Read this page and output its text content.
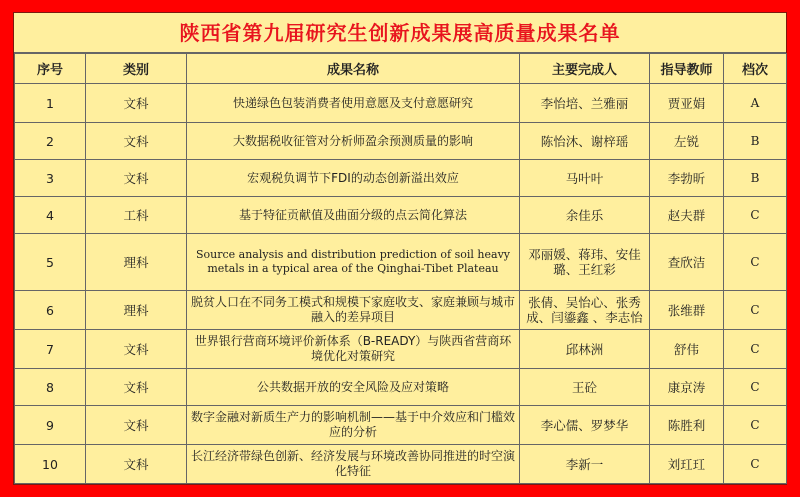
陕西省第九届研究生创新成果展高质量成果名单
序号	类别	成果名称	主要完成人	指导教师	档次
1	文科	快递绿色包装消费者使用意愿及支付意愿研究	李怡培、兰雅丽	贾亚娟	A
2	文科	大数据税收征管对分析师盈余预测质量的影响	陈怡沐、谢梓瑶	左锐	B
3	文科	宏观税负调节下FDI的动态创新溢出效应	马叶叶	李勃昕	B
4	工科	基于特征贡献值及曲面分级的点云简化算法	余佳乐	赵夫群	C
5	理科	Source analysis and distribution prediction of soil heavy metals in a typical area of the Qinghai-Tibet Plateau	邓丽媛、蒋玮、安佳璐、王红彩	查欣洁	C
6	理科	脱贫人口在不同务工模式和规模下家庭收支、家庭兼顾与城市融入的差异项目	张倩、吴怡心、张秀成、闫鎏鑫 、李志怡	张维群	C
7	文科	世界银行营商环境评价新体系（B-READY）与陕西省营商环境优化对策研究	邱林洲	舒伟	C
8	文科	公共数据开放的安全风险及应对策略	王砼	康京涛	C
9	文科	数字金融对新质生产力的影响机制——基于中介效应和门槛效应的分析	李心儒、罗梦华	陈胜利	C
10	文科	长江经济带绿色创新、经济发展与环境改善协同推进的时空演化特征	李新一	刘玒玒	C
